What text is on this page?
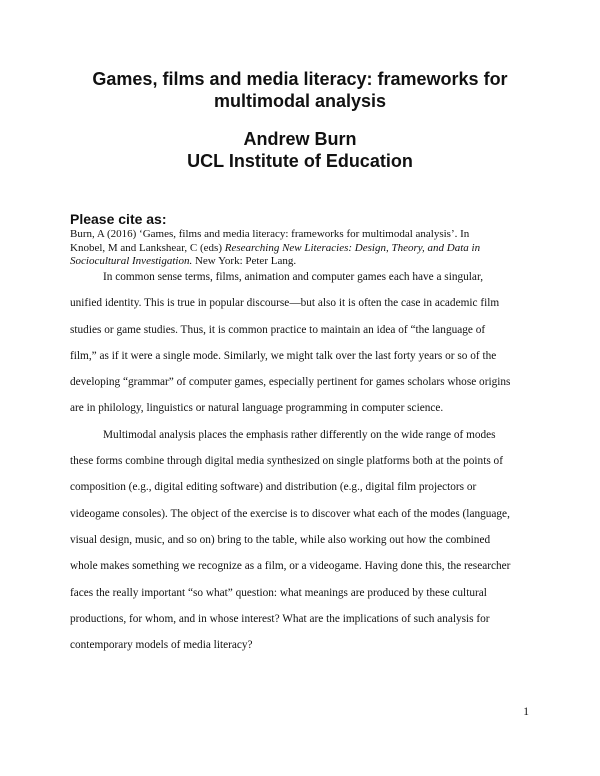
Games, films and media literacy: frameworks for
multimodal analysis
Andrew Burn
UCL Institute of Education
Please cite as:
Burn, A (2016) ‘Games, films and media literacy: frameworks for multimodal analysis’. In
Knobel, M and Lankshear, C (eds) Researching New Literacies: Design, Theory, and Data in
Sociocultural Investigation. New York: Peter Lang.
In common sense terms, films, animation and computer games each have a singular,
unified identity. This is true in popular discourse—but also it is often the case in academic film
studies or game studies. Thus, it is common practice to maintain an idea of “the language of
film,” as if it were a single mode. Similarly, we might talk over the last forty years or so of the
developing “grammar” of computer games, especially pertinent for games scholars whose origins
are in philology, linguistics or natural language programming in computer science.
Multimodal analysis places the emphasis rather differently on the wide range of modes
these forms combine through digital media synthesized on single platforms both at the points of
composition (e.g., digital editing software) and distribution (e.g., digital film projectors or
videogame consoles). The object of the exercise is to discover what each of the modes (language,
visual design, music, and so on) bring to the table, while also working out how the combined
whole makes something we recognize as a film, or a videogame. Having done this, the researcher
faces the really important “so what” question: what meanings are produced by these cultural
productions, for whom, and in whose interest? What are the implications of such analysis for
contemporary models of media literacy?
1
